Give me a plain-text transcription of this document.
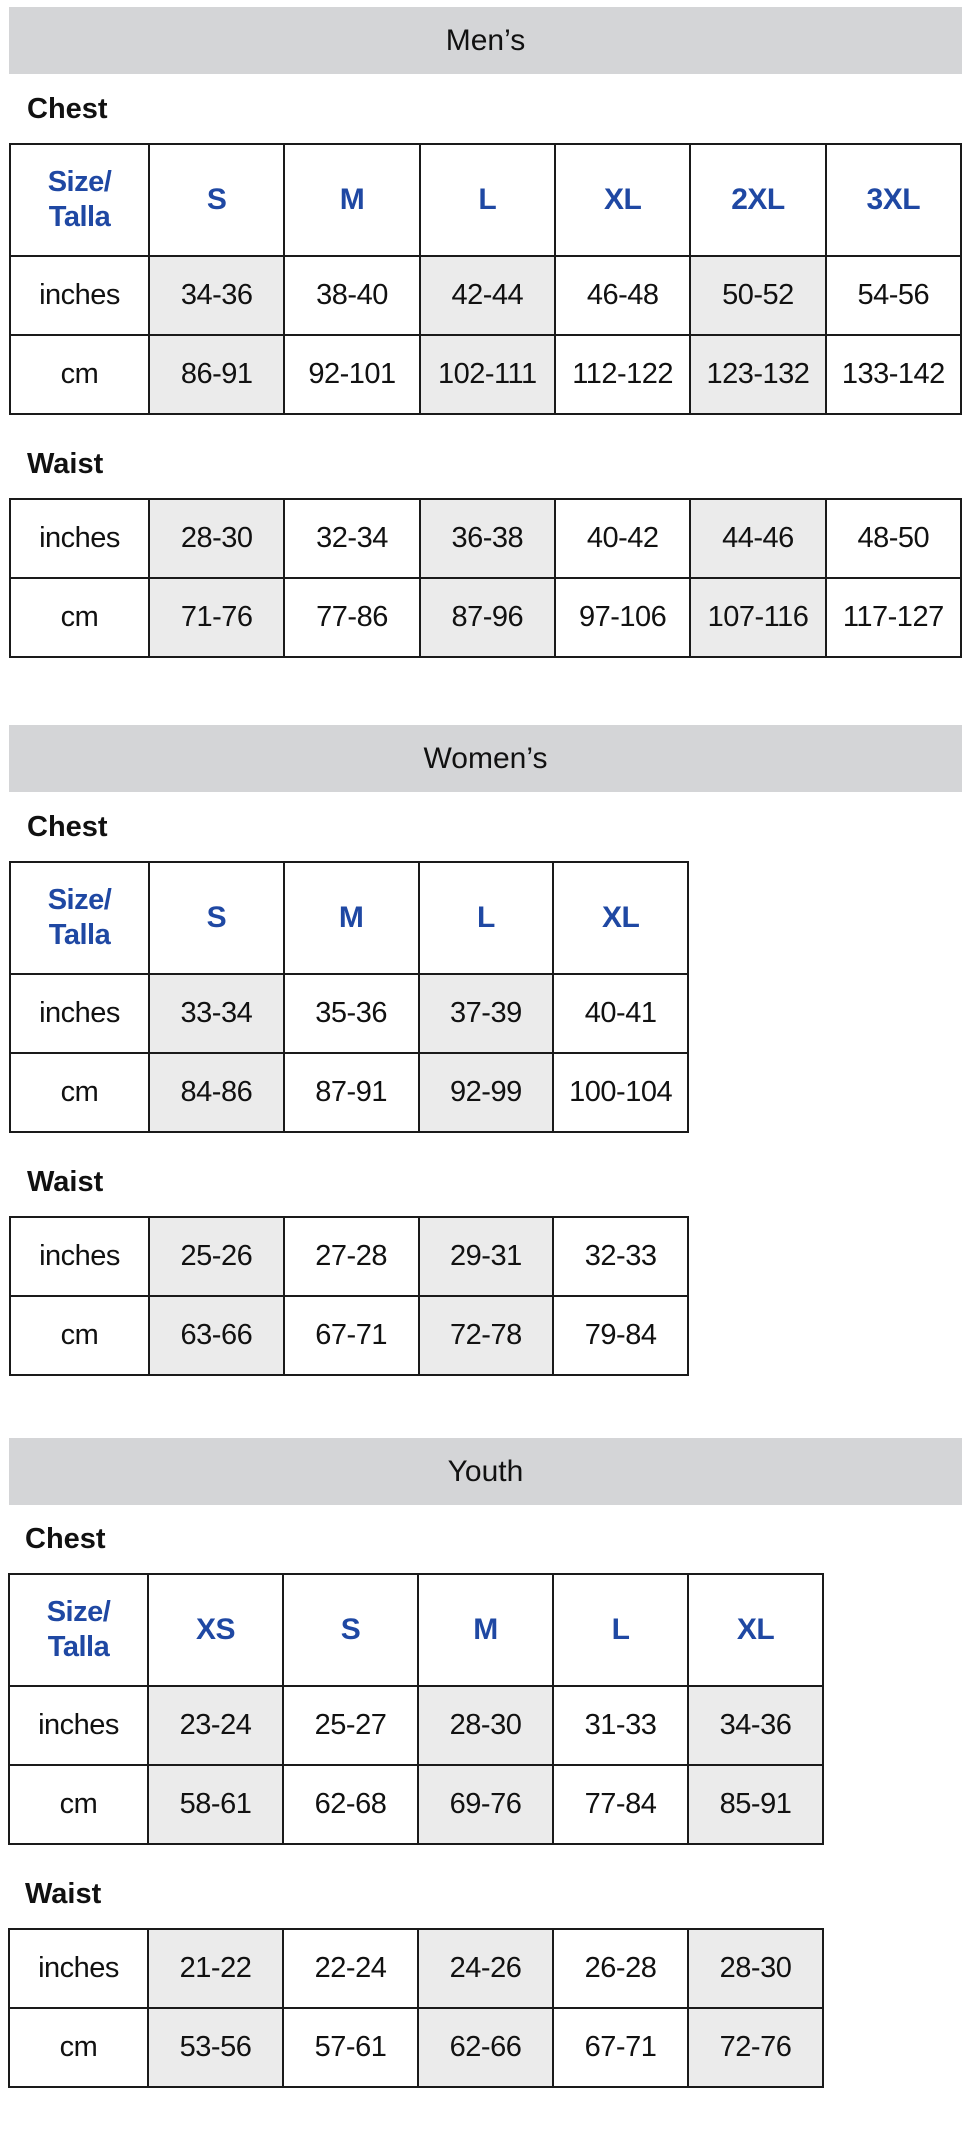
Men’s
Chest
Size/
Talla	S	M	L	XL	2XL	3XL
inches	34-36	38-40	42-44	46-48	50-52	54-56
cm	86-91	92-101	102-111	112-122	123-132	133-142
Waist
inches	28-30	32-34	36-38	40-42	44-46	48-50
cm	71-76	77-86	87-96	97-106	107-116	117-127
Women’s
Chest
Size/
Talla	S	M	L	XL
inches	33-34	35-36	37-39	40-41
cm	84-86	87-91	92-99	100-104
Waist
inches	25-26	27-28	29-31	32-33
cm	63-66	67-71	72-78	79-84
Youth
Chest
Size/
Talla	XS	S	M	L	XL
inches	23-24	25-27	28-30	31-33	34-36
cm	58-61	62-68	69-76	77-84	85-91
Waist
inches	21-22	22-24	24-26	26-28	28-30
cm	53-56	57-61	62-66	67-71	72-76
